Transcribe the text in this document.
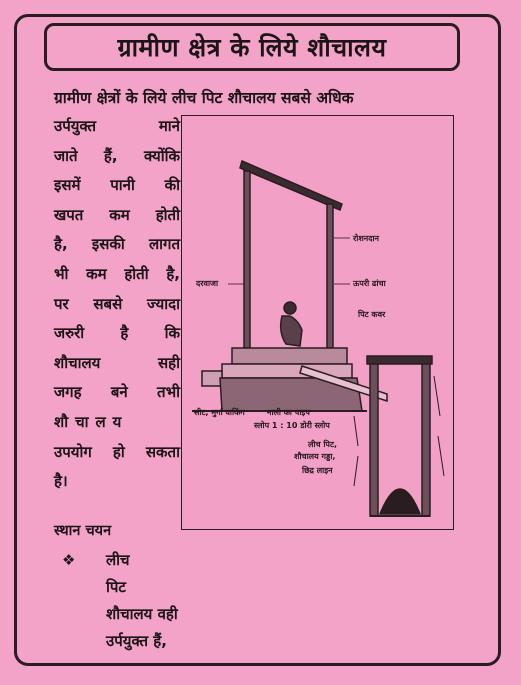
ग्रामीण क्षेत्र के लिये शौचालय
ग्रामीण क्षेत्रों के लिये लीच पिट शौचालय सबसे अधिक
उर्पयुक्त माने
जाते हैं, क्योंकि
इसमें पानी की
खपत कम होती
है, इसकी लागत
भी कम होती है,
पर सबसे ज्यादा
जरुरी है कि
शौचालय सही
जगह बने तभी
शौचालय
उपयोग हो सकता
है।
स्थान चयन
❖ लीच
पिट
शौचालय वही
उर्पयुक्त हैं,
रोशनदान
दरवाजा	ऊपरी ढांचा
पिट कवर
सीट, मुर्गा वाकिंग	नाली का पाइप
स्लोप 1 : 10 डोरी स्लोप
लीच पिट,
शौचालय गड्डा,
छिद्र लाइन
